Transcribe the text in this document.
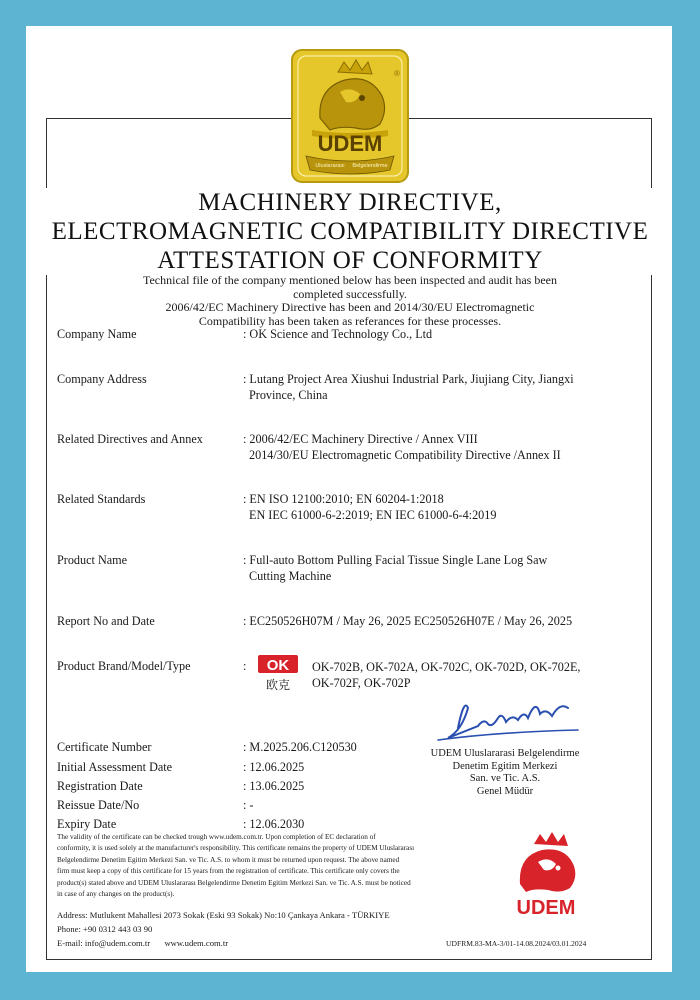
UDEM
Uluslararası Belgelendirme
®
MACHINERY DIRECTIVE,
ELECTROMAGNETIC COMPATIBILITY DIRECTIVE
ATTESTATION OF CONFORMITY
Technical file of the company mentioned below has been inspected and audit has been
completed successfully.
2006/42/EC Machinery Directive has been and 2014/30/EU Electromagnetic
Compatibility has been taken as referances for these processes.
Company Name	: OK Science and Technology Co., Ltd
Company Address	: Lutang Project Area Xiushui Industrial Park, Jiujiang City, Jiangxi
Province, China
Related Directives and Annex	: 2006/42/EC Machinery Directive / Annex VIII
2014/30/EU Electromagnetic Compatibility Directive /Annex II
Related Standards	: EN ISO 12100:2010; EN 60204-1:2018
EN IEC 61000-6-2:2019; EN IEC 61000-6-4:2019
Product Name	: Full-auto Bottom Pulling Facial Tissue Single Lane Log Saw
Cutting Machine
Report No and Date	: EC250526H07M / May 26, 2025 EC250526H07E / May 26, 2025
Product Brand/Model/Type	:	OK
欧克
OK-702B, OK-702A, OK-702C, OK-702D, OK-702E,
OK-702F, OK-702P
UDEM Uluslararasi Belgelendirme
Denetim Egitim Merkezi
San. ve Tic. A.S.
Genel Müdür
Certificate Number	: M.2025.206.C120530
Initial Assessment Date	: 12.06.2025
Registration Date	: 13.06.2025
Reissue Date/No	: -
Expiry Date	: 12.06.2030
The validity of the certificate can be checked trough www.udem.com.tr. Upon completion of EC declaration of
conformity, it is used solely at the manufacturer's responsibility. This certificate remains the property of UDEM Uluslararası
Belgelendirme Denetim Egitim Merkezi San. ve Tic. A.S. to whom it must be returned upon request. The above named
firm must keep a copy of this certificate for 15 years from the registration of certificate. This certificate only covers the
product(s) stated above and UDEM Uluslararası Belgelendirme Denetim Egitim Merkezi San. ve Tic. A.S. must be noticed
in case of any changes on the product(s).
Address: Mutlukent Mahallesi 2073 Sokak (Eski 93 Sokak) No:10 Çankaya Ankara - TÜRKIYE
Phone: +90 0312 443 03 90
E-mail: info@udem.com.tr www.udem.com.tr	UDFRM.83-MA-3/01-14.08.2024/03.01.2024
UDEM
